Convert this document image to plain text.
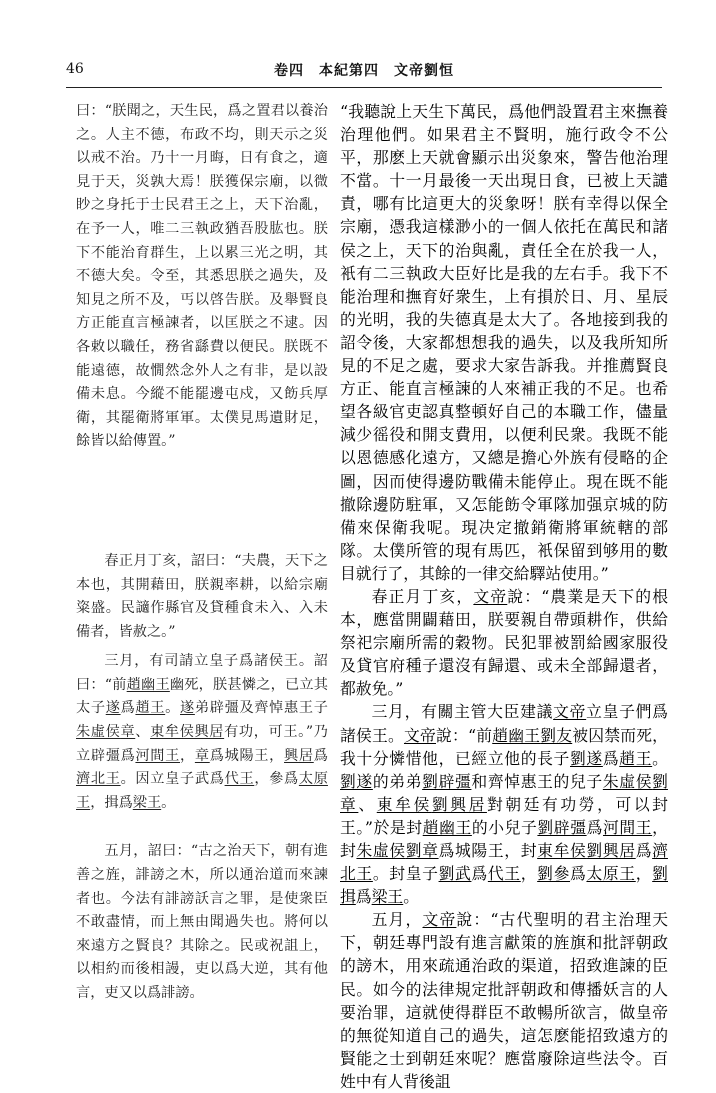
46	卷四　本紀第四　文帝劉恒

曰：“朕聞之，天生民，爲之置君以養治之。人主不德，布政不均，則天示之災以戒不治。乃十一月晦，日有食之，適見于天，災孰大焉！朕獲保宗廟，以微眇之身托于士民君王之上，天下治亂，在予一人，唯二三執政猶吾股肱也。朕下不能治育群生，上以累三光之明，其不德大矣。令至，其悉思朕之過失，及知見之所不及，丐以啓告朕。及舉賢良方正能直言極諫者，以匡朕之不逮。因各敕以職任，務省繇費以便民。朕既不能遠德，故憪然念外人之有非，是以設備未息。今縱不能罷邊屯戍，又飭兵厚衛，其罷衛將軍軍。太僕見馬遺財足，餘皆以給傳置。”

春正月丁亥，詔曰：“夫農，天下之本也，其開藉田，朕親率耕，以給宗廟粢盛。民讁作縣官及貸種食未入、入未備者，皆赦之。”

三月，有司請立皇子爲諸侯王。詔曰：“前趙幽王幽死，朕甚憐之，已立其太子遂爲趙王。遂弟辟彊及齊悼惠王子朱虛侯章、東牟侯興居有功，可王。”乃立辟彊爲河間王，章爲城陽王，興居爲濟北王。因立皇子武爲代王，參爲太原王，揖爲梁王。

五月，詔曰：“古之治天下，朝有進善之旌，誹謗之木，所以通治道而來諫者也。今法有誹謗訞言之罪，是使衆臣不敢盡情，而上無由聞過失也。將何以來遠方之賢良？其除之。民或祝詛上，以相約而後相謾，吏以爲大逆，其有他言，吏又以爲誹謗。

“我聽說上天生下萬民，爲他們設置君主來撫養治理他們。如果君主不賢明，施行政令不公平，那麽上天就會顯示出災象來，警告他治理不當。十一月最後一天出現日食，已被上天譴責，哪有比這更大的災象呀！朕有幸得以保全宗廟，憑我這樣渺小的一個人依托在萬民和諸侯之上，天下的治與亂，責任全在於我一人，衹有二三執政大臣好比是我的左右手。我下不能治理和撫育好衆生，上有損於日、月、星辰的光明，我的失德真是太大了。各地接到我的詔令後，大家都想想我的過失，以及我所知所見的不足之處，要求大家告訴我。并推薦賢良方正、能直言極諫的人來補正我的不足。也希望各級官吏認真整頓好自己的本職工作，儘量減少徭役和開支費用，以便利民衆。我既不能以恩德感化遠方，又總是擔心外族有侵略的企圖，因而使得邊防戰備未能停止。現在既不能撤除邊防駐軍，又怎能飭令軍隊加强京城的防備來保衛我呢。現决定撤銷衛將軍統轄的部隊。太僕所管的現有馬匹，衹保留到够用的數目就行了，其餘的一律交給驛站使用。”

春正月丁亥，文帝說：“農業是天下的根本，應當開闢藉田，朕要親自帶頭耕作，供給祭祀宗廟所需的穀物。民犯罪被罰給國家服役及貸官府種子還沒有歸還、或未全部歸還者，都赦免。”

三月，有關主管大臣建議文帝立皇子們爲諸侯王。文帝說：“前趙幽王劉友被囚禁而死，我十分憐惜他，已經立他的長子劉遂爲趙王。劉遂的弟弟劉辟彊和齊悼惠王的兒子朱虛侯劉章、東牟侯劉興居對朝廷有功勞，可以封王。”於是封趙幽王的小兒子劉辟彊爲河間王，封朱虛侯劉章爲城陽王，封東牟侯劉興居爲濟北王。封皇子劉武爲代王，劉參爲太原王，劉揖爲梁王。

五月，文帝說：“古代聖明的君主治理天下，朝廷專門設有進言獻策的旌旗和批評朝政的謗木，用來疏通治政的渠道，招致進諫的臣民。如今的法律規定批評朝政和傳播妖言的人要治罪，這就使得群臣不敢暢所欲言，做皇帝的無從知道自己的過失，這怎麽能招致遠方的賢能之士到朝廷來呢？應當廢除這些法令。百姓中有人背後詛
